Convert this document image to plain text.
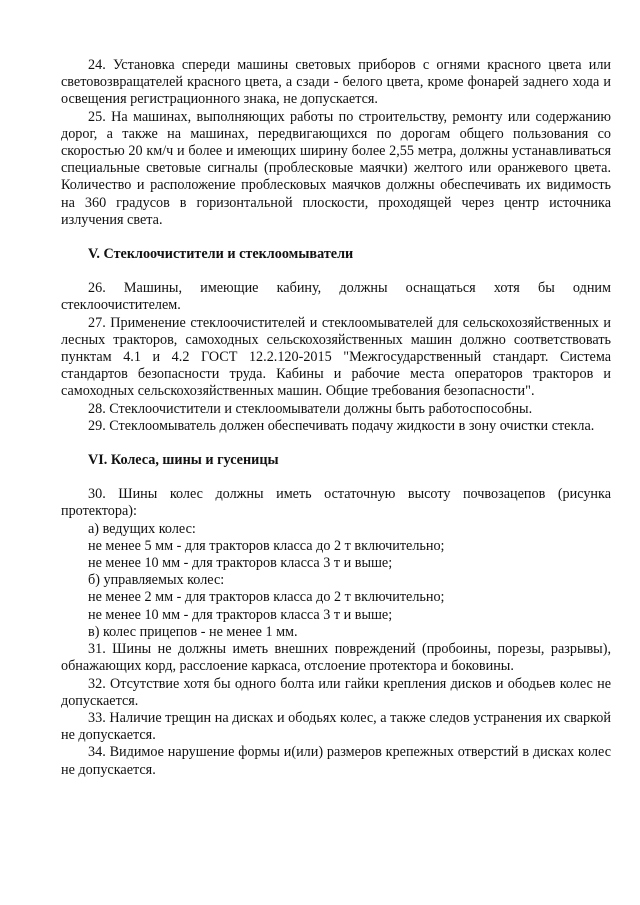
24. Установка спереди машины световых приборов с огнями красного цвета или световозвращателей красного цвета, а сзади - белого цвета, кроме фонарей заднего хода и освещения регистрационного знака, не допускается.

25. На машинах, выполняющих работы по строительству, ремонту или содержанию дорог, а также на машинах, передвигающихся по дорогам общего пользования со скоростью 20 км/ч и более и имеющих ширину более 2,55 метра, должны устанавливаться специальные световые сигналы (проблесковые маячки) желтого или оранжевого цвета. Количество и расположение проблесковых маячков должны обеспечивать их видимость на 360 градусов в горизонтальной плоскости, проходящей через центр источника излучения света.

V. Стеклоочистители и стеклоомыватели

26. Машины, имеющие кабину, должны оснащаться хотя бы одним стеклоочистителем.

27. Применение стеклоочистителей и стеклоомывателей для сельскохозяйственных и лесных тракторов, самоходных сельскохозяйственных машин должно соответствовать пунктам 4.1 и 4.2 ГОСТ 12.2.120-2015 "Межгосударственный стандарт. Система стандартов безопасности труда. Кабины и рабочие места операторов тракторов и самоходных сельскохозяйственных машин. Общие требования безопасности".

28. Стеклоочистители и стеклоомыватели должны быть работоспособны.

29. Стеклоомыватель должен обеспечивать подачу жидкости в зону очистки стекла.

VI. Колеса, шины и гусеницы

30. Шины колес должны иметь остаточную высоту почвозацепов (рисунка протектора):

а) ведущих колес:

не менее 5 мм - для тракторов класса до 2 т включительно;

не менее 10 мм - для тракторов класса 3 т и выше;

б) управляемых колес:

не менее 2 мм - для тракторов класса до 2 т включительно;

не менее 10 мм - для тракторов класса 3 т и выше;

в) колес прицепов - не менее 1 мм.

31. Шины не должны иметь внешних повреждений (пробоины, порезы, разрывы), обнажающих корд, расслоение каркаса, отслоение протектора и боковины.

32. Отсутствие хотя бы одного болта или гайки крепления дисков и ободьев колес не допускается.

33. Наличие трещин на дисках и ободьях колес, а также следов устранения их сваркой не допускается.

34. Видимое нарушение формы и(или) размеров крепежных отверстий в дисках колес не допускается.
